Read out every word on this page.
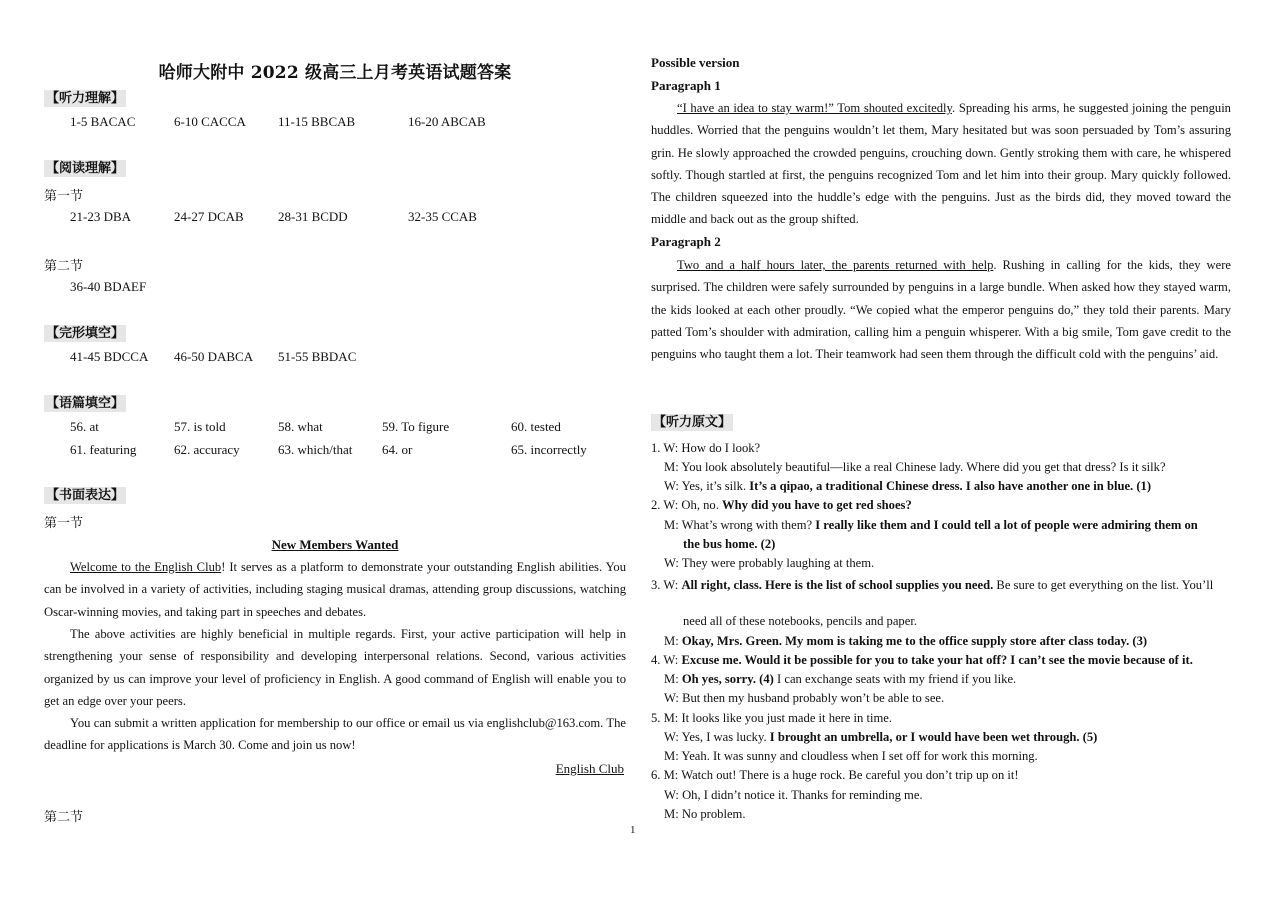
哈师大附中 2022 级高三上月考英语试题答案
【听力理解】
1-5 BACAC	6-10 CACCA 11-15 BBCAB	16-20 ABCAB
【阅读理解】
第一节
21-23 DBA	24-27 DCAB	28-31 BCDD	32-35 CCAB
第二节
36-40 BDAEF
【完形填空】
41-45 BDCCA 46-50 DABCA 51-55 BBDAC
【语篇填空】
56. at	57. is told	58. what	59. To figure	60. tested
61. featuring	62. accuracy	63. which/that 64. or	65. incorrectly
【书面表达】
第一节
New Members Wanted
Welcome to the English Club! It serves as a platform to demonstrate your outstanding English abilities. You can be involved in a variety of activities, including staging musical dramas, attending group discussions, watching Oscar-winning movies, and taking part in speeches and debates.
The above activities are highly beneficial in multiple regards. First, your active participation will help in strengthening your sense of responsibility and developing interpersonal relations. Second, various activities organized by us can improve your level of proficiency in English. A good command of English will enable you to get an edge over your peers.
You can submit a written application for membership to our office or email us via englishclub@163.com. The deadline for applications is March 30. Come and join us now!
English Club
第二节
Possible version
Paragraph 1
“I have an idea to stay warm!” Tom shouted excitedly. Spreading his arms, he suggested joining the penguin huddles. Worried that the penguins wouldn’t let them, Mary hesitated but was soon persuaded by Tom’s assuring grin. He slowly approached the crowded penguins, crouching down. Gently stroking them with care, he whispered softly. Though startled at first, the penguins recognized Tom and let him into their group. Mary quickly followed. The children squeezed into the huddle’s edge with the penguins. Just as the birds did, they moved toward the middle and back out as the group shifted.
Paragraph 2
Two and a half hours later, the parents returned with help. Rushing in calling for the kids, they were surprised. The children were safely surrounded by penguins in a large bundle. When asked how they stayed warm, the kids looked at each other proudly. “We copied what the emperor penguins do,” they told their parents. Mary patted Tom’s shoulder with admiration, calling him a penguin whisperer. With a big smile, Tom gave credit to the penguins who taught them a lot. Their teamwork had seen them through the difficult cold with the penguins’ aid.
【听力原文】
1. W: How do I look?
M: You look absolutely beautiful—like a real Chinese lady. Where did you get that dress? Is it silk?
W: Yes, it’s silk. It’s a qipao, a traditional Chinese dress. I also have another one in blue. (1)
2. W: Oh, no. Why did you have to get red shoes?
M: What’s wrong with them? I really like them and I could tell a lot of people were admiring them on
the bus home. (2)
W: They were probably laughing at them.
3. W: All right, class. Here is the list of school supplies you need. Be sure to get everything on the list. You’ll
need all of these notebooks, pencils and paper.
M: Okay, Mrs. Green. My mom is taking me to the office supply store after class today. (3)
4. W: Excuse me. Would it be possible for you to take your hat off? I can’t see the movie because of it.
M: Oh yes, sorry. (4) I can exchange seats with my friend if you like.
W: But then my husband probably won’t be able to see.
5. M: It looks like you just made it here in time.
W: Yes, I was lucky. I brought an umbrella, or I would have been wet through. (5)
M: Yeah. It was sunny and cloudless when I set off for work this morning.
6. M: Watch out! There is a huge rock. Be careful you don’t trip up on it!
W: Oh, I didn’t notice it. Thanks for reminding me.
M: No problem.
1
